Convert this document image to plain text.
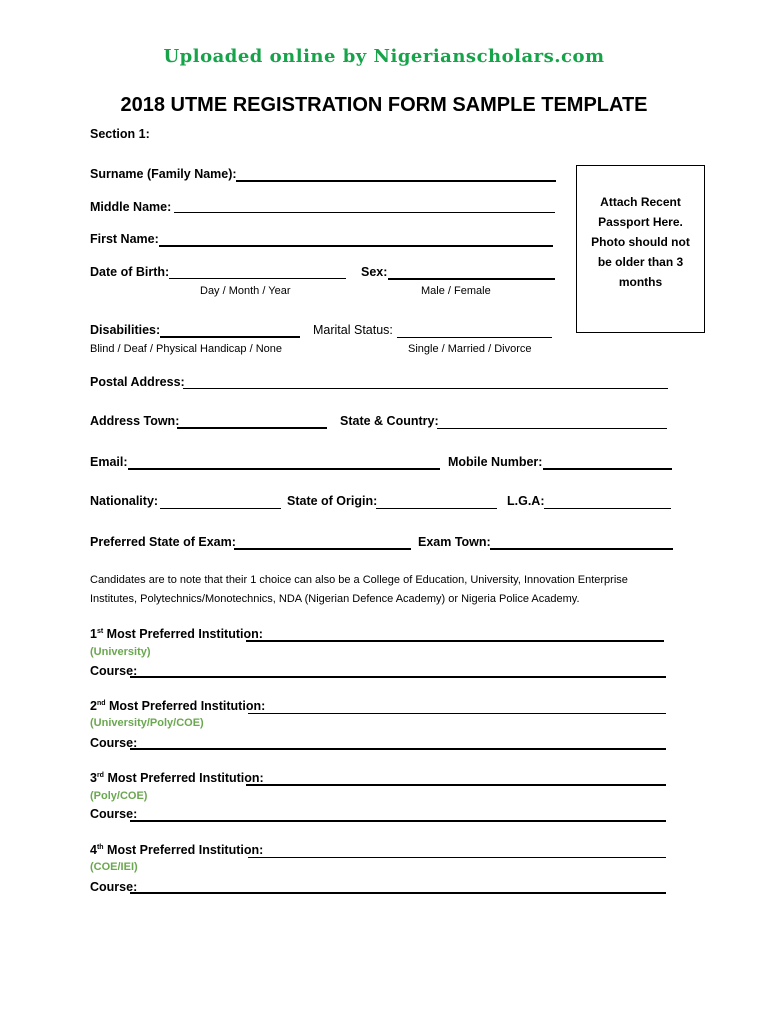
Uploaded online by Nigerianscholars.com
2018 UTME REGISTRATION FORM SAMPLE TEMPLATE
Section 1:
Attach Recent
Passport Here.
Photo should not
be older than 3
months
Surname (Family Name):
Middle Name:
First Name:
Date of Birth:
Day / Month / Year
Sex:
Male / Female
Disabilities:
Blind / Deaf / Physical Handicap / None
Marital Status:
Single / Married / Divorce
Postal Address:
Address Town:	State & Country:
Email:	Mobile Number:
Nationality:	State of Origin:	L.G.A:
Preferred State of Exam:	Exam Town:
Candidates are to note that their 1 choice can also be a College of Education, University, Innovation Enterprise Institutes, Polytechnics/Monotechnics, NDA (Nigerian Defence Academy) or Nigeria Police Academy.
1st Most Preferred Institution:
(University)
Course:
2nd Most Preferred Institution:
(University/Poly/COE)
Course:
3rd Most Preferred Institution:
(Poly/COE)
Course:
4th Most Preferred Institution:
(COE/IEI)
Course:
